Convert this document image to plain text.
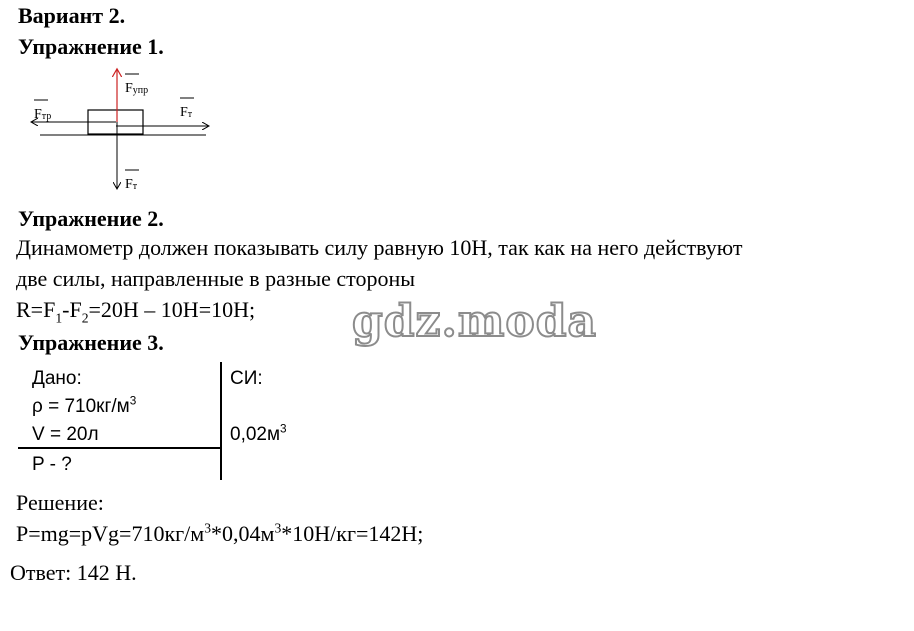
Вариант 2.
Упражнение 1.
Fтр
Fупр
Fт
Fт
Упражнение 2.
Динамометр должен показывать силу равную 10Н, так как на него действуют
две силы, направленные в разные стороны
$R=F_1-F_2=20Н - 10Н=10Н$; gdz.moda
Упражнение 3.
Дано:
$\rho = 710кг/м^3$
V = 20л
P - ?
СИ:
$0,02м^3$
Решение:
$P=mg=pVg=710кг/м^3*0,04м^3*10Н/кг=142Н$;
Ответ: 142 Н.
